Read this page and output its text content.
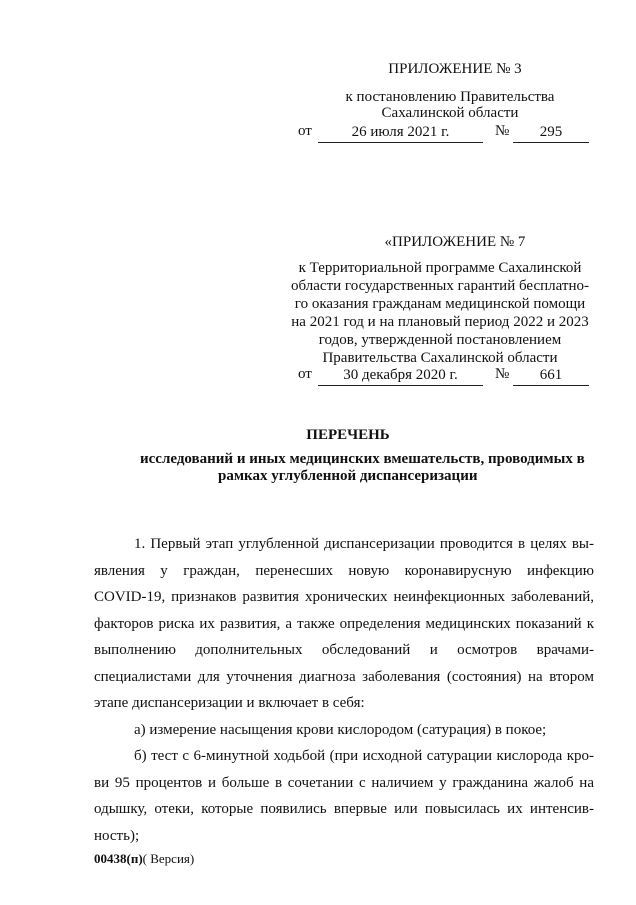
ПРИЛОЖЕНИЕ № 3
к постановлению Правительства
Сахалинской области
от	26 июля 2021 г.	№	295
«ПРИЛОЖЕНИЕ № 7
к Территориальной программе Сахалинской
области государственных гарантий бесплатно-
го оказания гражданам медицинской помощи
на 2021 год и на плановый период 2022 и 2023
годов, утвержденной постановлением
Правительства Сахалинской области
от	30 декабря 2020 г.	№	661
ПЕРЕЧЕНЬ
исследований и иных медицинских вмешательств, проводимых в
рамках углубленной диспансеризации
1. Первый этап углубленной диспансеризации проводится в целях вы-
явления у граждан, перенесших новую коронавирусную инфекцию
COVID-19, признаков развития хронических неинфекционных заболеваний,
факторов риска их развития, а также определения медицинских показаний к
выполнению дополнительных обследований и осмотров врачами-
специалистами для уточнения диагноза заболевания (состояния) на втором
этапе диспансеризации и включает в себя:
а) измерение насыщения крови кислородом (сатурация) в покое;
б) тест с 6-минутной ходьбой (при исходной сатурации кислорода кро-
ви 95 процентов и больше в сочетании с наличием у гражданина жалоб на
одышку, отеки, которые появились впервые или повысилась их интенсив-
ность);
00438(п)( Версия)
